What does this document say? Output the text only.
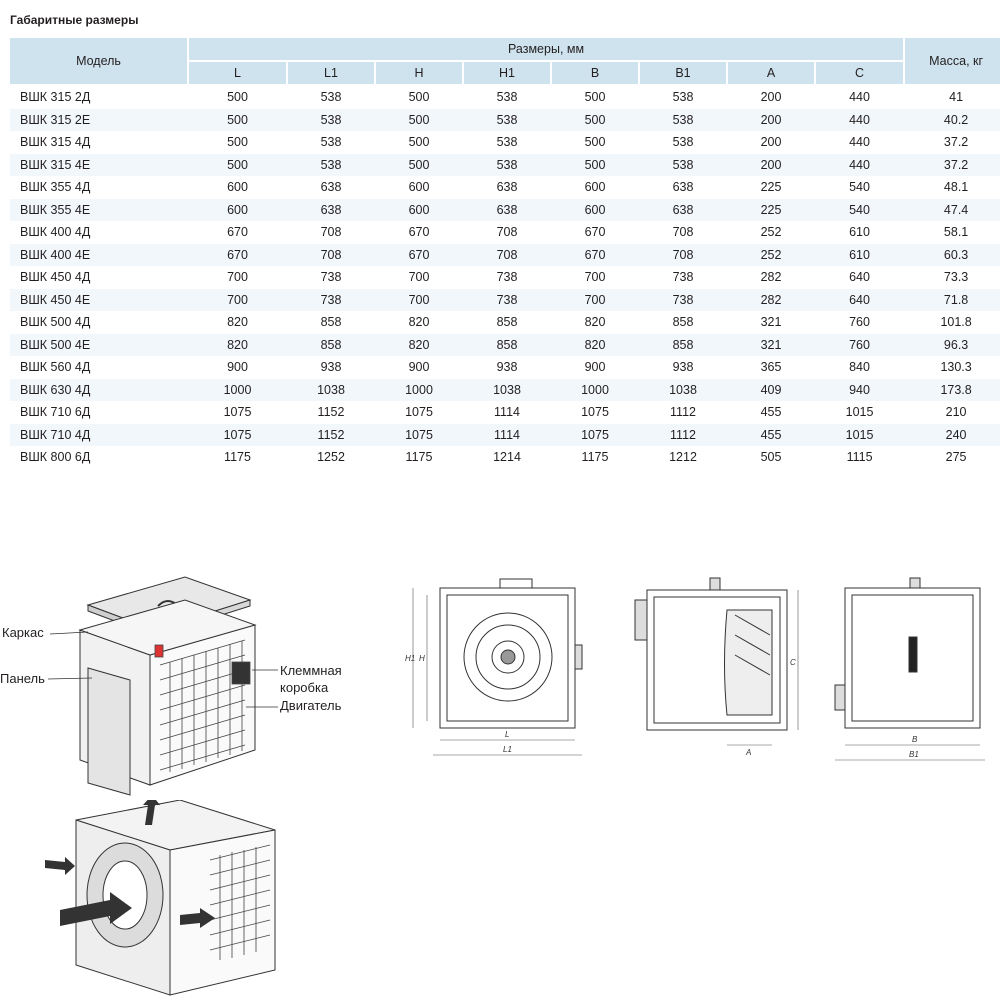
Габаритные размеры
Модель	Размеры, мм								Масса, кг
	L	L1	H	H1	B	B1	A	C	
ВШК 315 2Д	500	538	500	538	500	538	200	440	41
ВШК 315 2Е	500	538	500	538	500	538	200	440	40.2
ВШК 315 4Д	500	538	500	538	500	538	200	440	37.2
ВШК 315 4Е	500	538	500	538	500	538	200	440	37.2
ВШК 355 4Д	600	638	600	638	600	638	225	540	48.1
ВШК 355 4Е	600	638	600	638	600	638	225	540	47.4
ВШК 400 4Д	670	708	670	708	670	708	252	610	58.1
ВШК 400 4Е	670	708	670	708	670	708	252	610	60.3
ВШК 450 4Д	700	738	700	738	700	738	282	640	73.3
ВШК 450 4Е	700	738	700	738	700	738	282	640	71.8
ВШК 500 4Д	820	858	820	858	820	858	321	760	101.8
ВШК 500 4Е	820	858	820	858	820	858	321	760	96.3
ВШК 560 4Д	900	938	900	938	900	938	365	840	130.3
ВШК 630 4Д	1000	1038	1000	1038	1000	1038	409	940	173.8
ВШК 710 6Д	1075	1152	1075	1114	1075	1112	455	1015	210
ВШК 710 4Д	1075	1152	1075	1114	1075	1112	455	1015	240
ВШК 800 6Д	1175	1252	1175	1214	1175	1212	505	1115	275
Каркас
Панель
Клеммная коробка
Двигатель
H1 H
L
L1
C
A
B
B1
